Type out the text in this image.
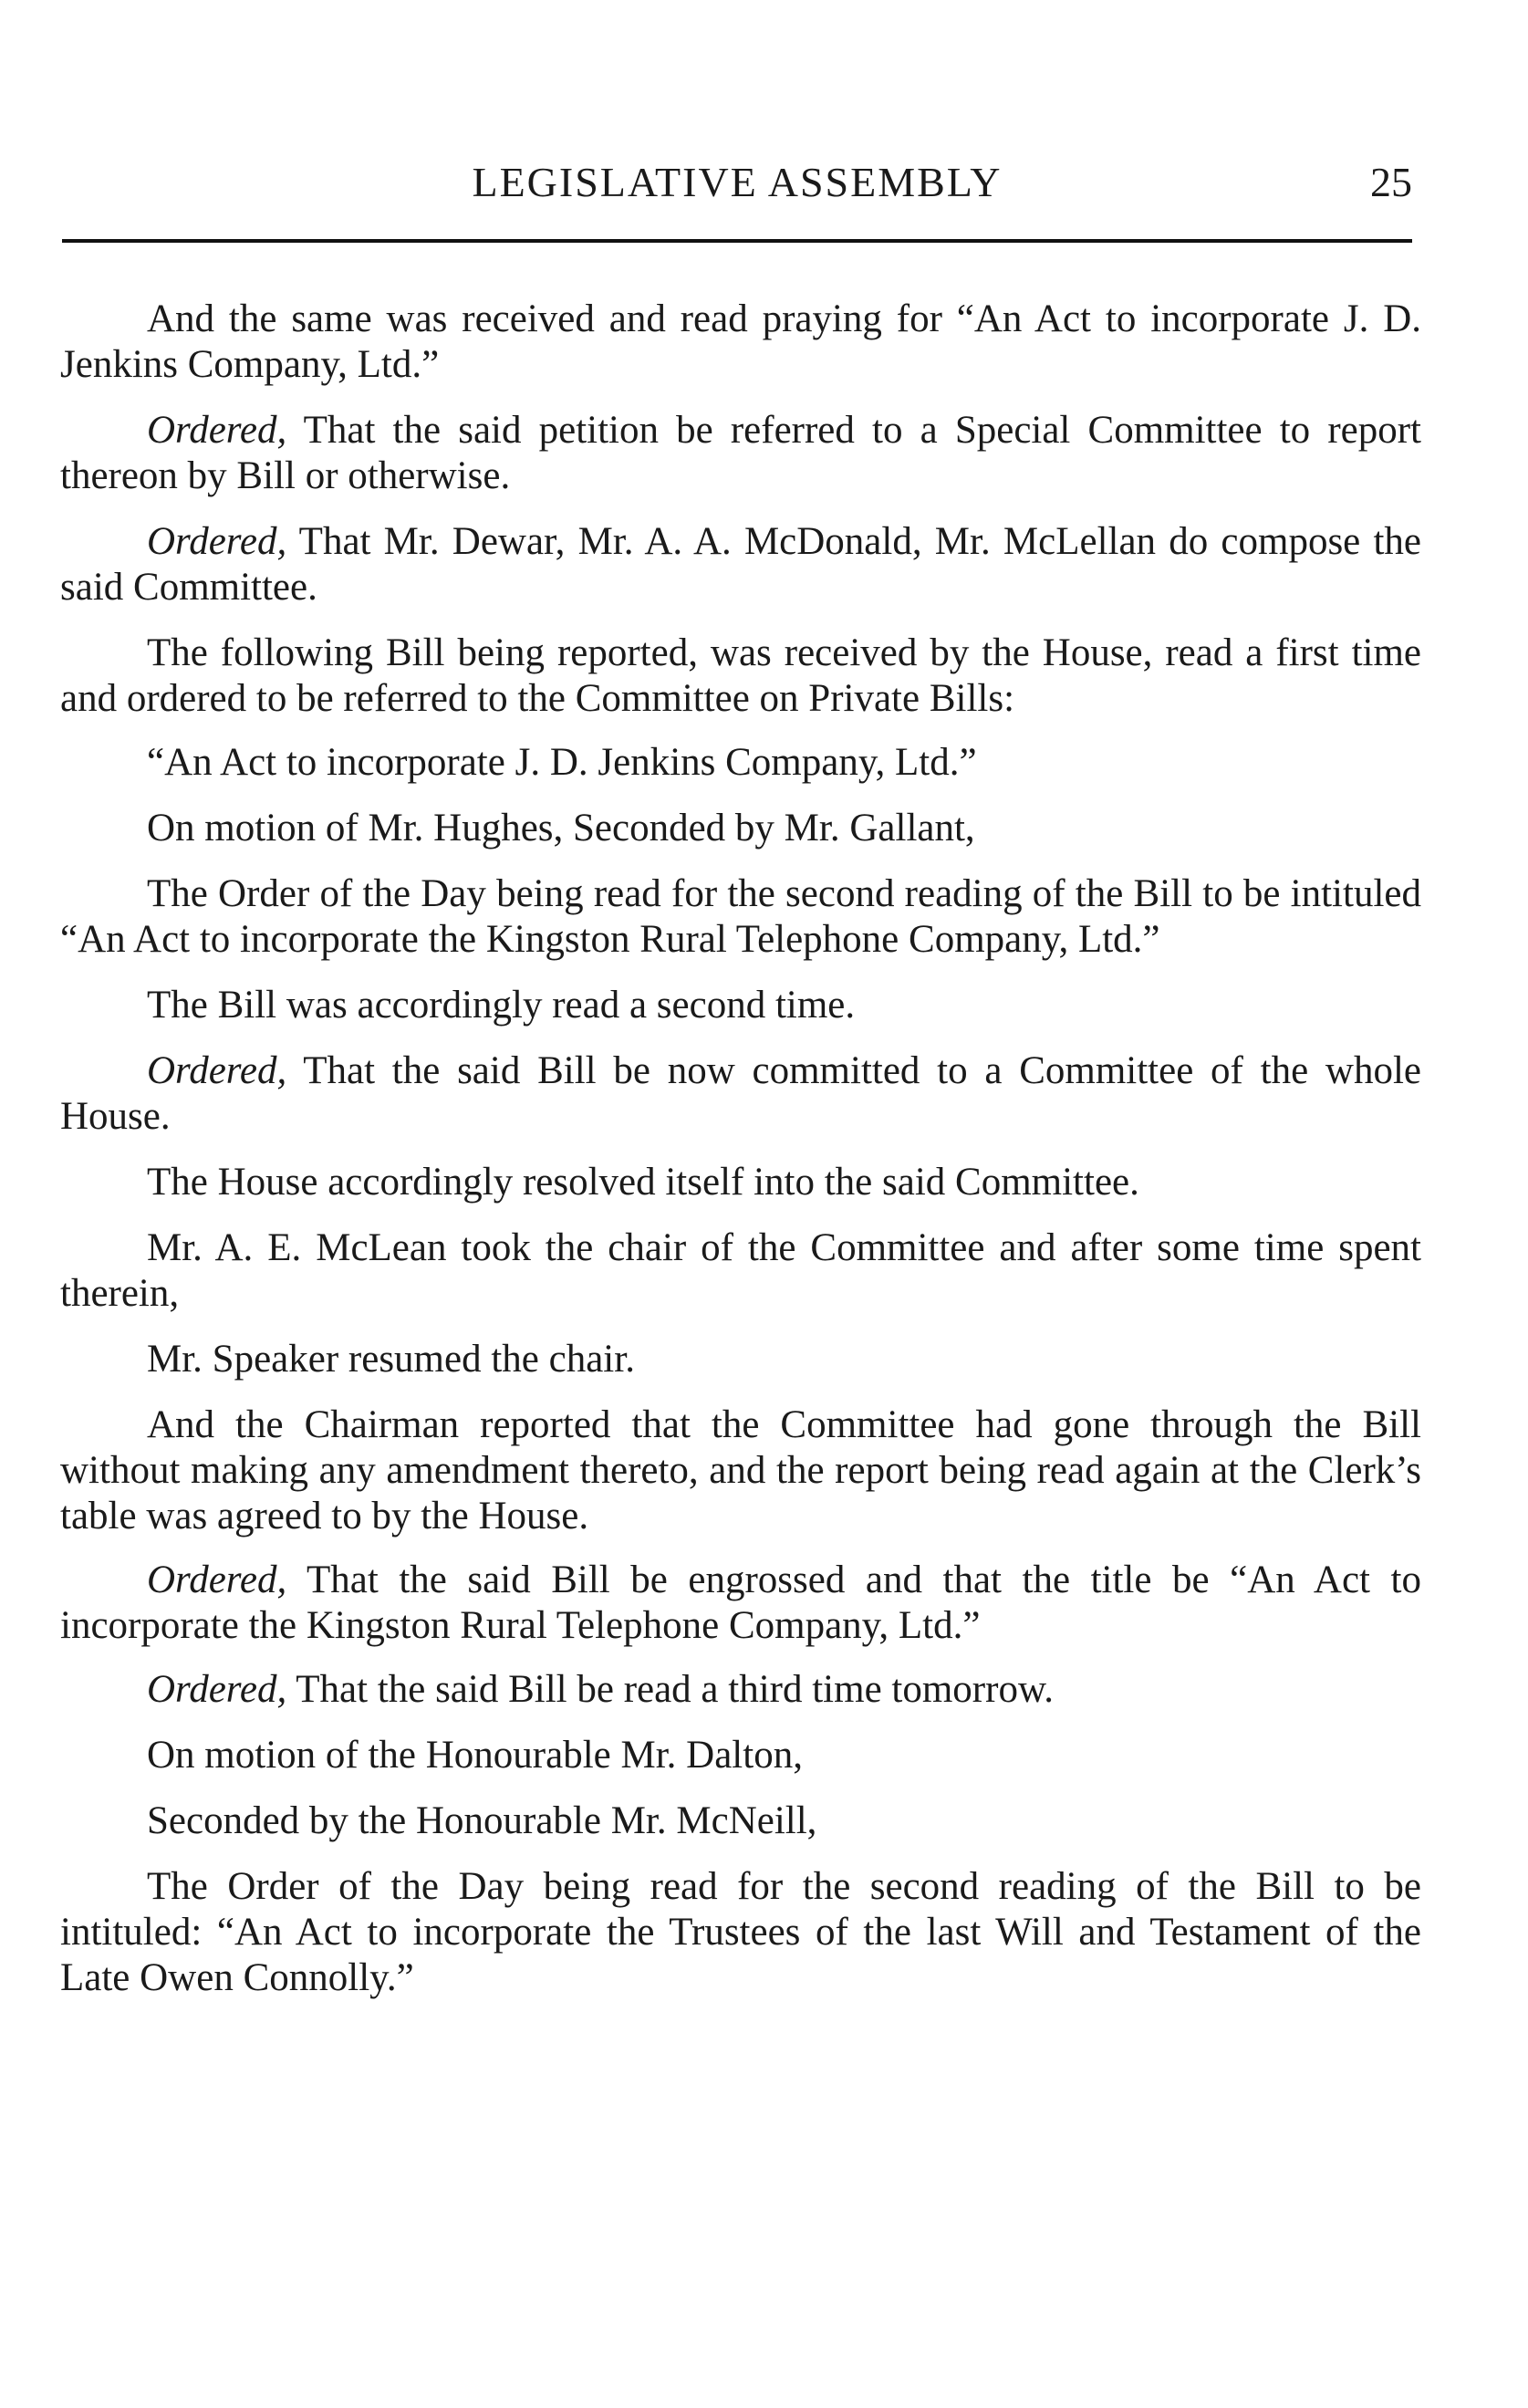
LEGISLATIVE ASSEMBLY	25

And the same was received and read praying for “An Act to incorporate J. D. Jenkins Company, Ltd.”

Ordered, That the said petition be referred to a Special Committee to report thereon by Bill or otherwise.

Ordered, That Mr. Dewar, Mr. A. A. McDonald, Mr. McLellan do compose the said Committee.

The following Bill being reported, was received by the House, read a first time and ordered to be referred to the Committee on Private Bills:

“An Act to incorporate J. D. Jenkins Company, Ltd.”

On motion of Mr. Hughes, Seconded by Mr. Gallant,

The Order of the Day being read for the second reading of the Bill to be intituled “An Act to incorporate the Kingston Rural Telephone Company, Ltd.”

The Bill was accordingly read a second time.

Ordered, That the said Bill be now committed to a Committee of the whole House.

The House accordingly resolved itself into the said Committee.

Mr. A. E. McLean took the chair of the Committee and after some time spent therein,

Mr. Speaker resumed the chair.

And the Chairman reported that the Committee had gone through the Bill without making any amendment thereto, and the report being read again at the Clerk’s table was agreed to by the House.

Ordered, That the said Bill be engrossed and that the title be “An Act to incorporate the Kingston Rural Telephone Company, Ltd.”

Ordered, That the said Bill be read a third time tomorrow.

On motion of the Honourable Mr. Dalton,

Seconded by the Honourable Mr. McNeill,

The Order of the Day being read for the second reading of the Bill to be intituled: “An Act to incorporate the Trustees of the last Will and Testament of the Late Owen Connolly.”
